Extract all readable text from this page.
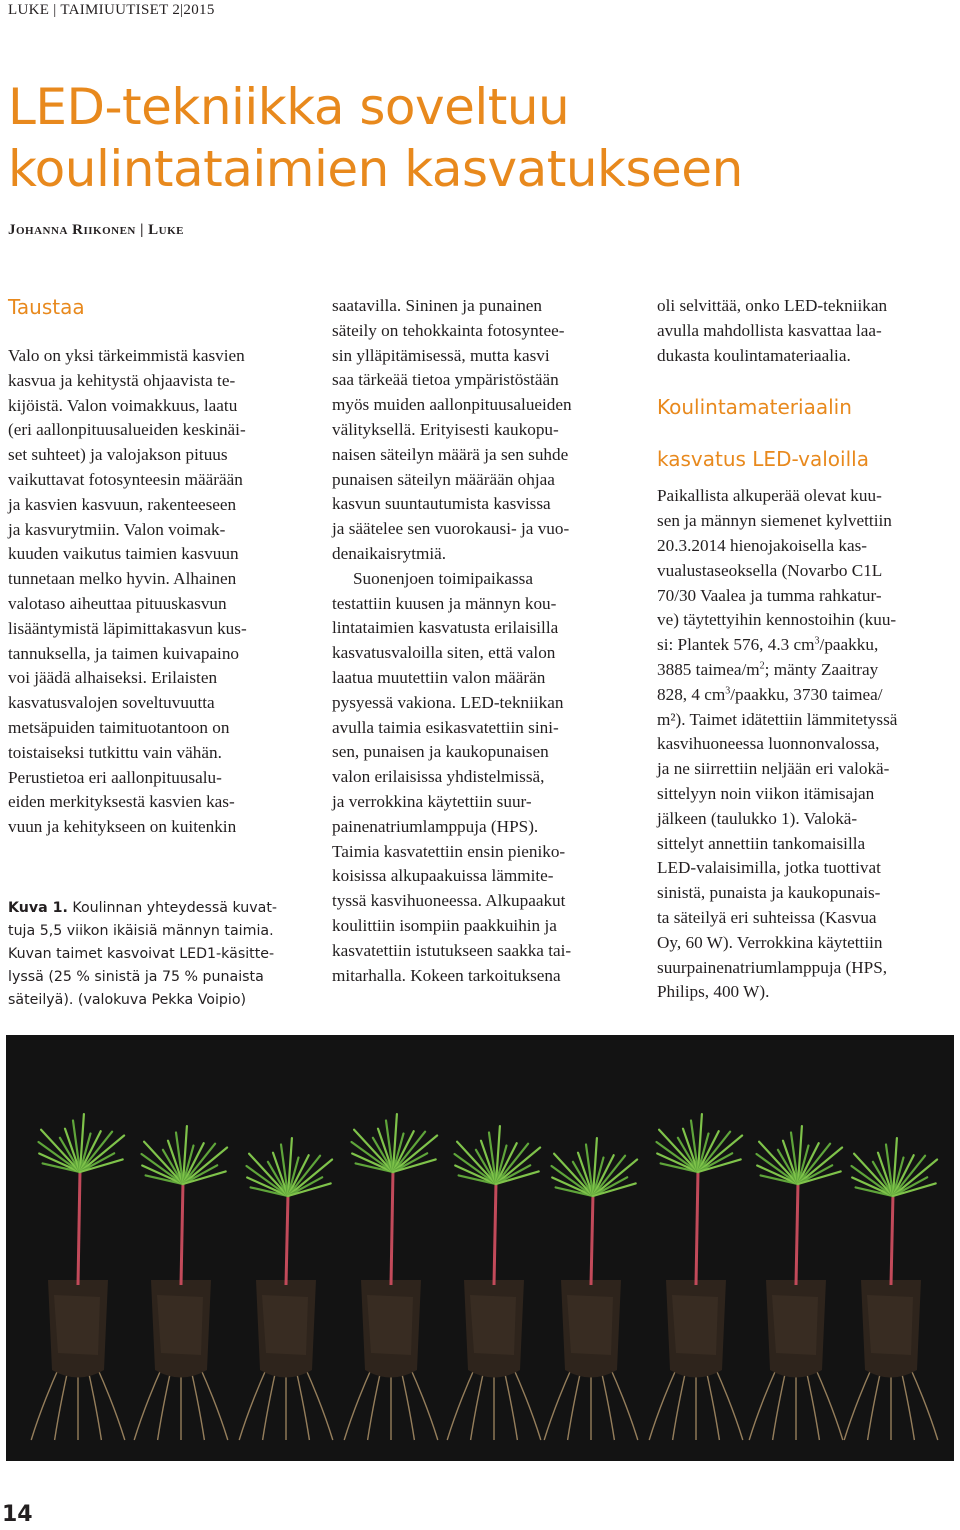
LUKE | TAIMIUUTISET 2|2015
LED-tekniikka soveltuu
koulintataimien kasvatukseen
Johanna Riikonen | Luke

Taustaa

Valo on yksi tärkeimmistä kasvien

kasvua ja kehitystä ohjaavista te-

kijöistä. Valon voimakkuus, laatu

(eri aallonpituusalueiden keskinäi-

set suhteet) ja valojakson pituus

vaikuttavat fotosynteesin määrään

ja kasvien kasvuun, rakenteeseen

ja kasvurytmiin. Valon voimak-

kuuden vaikutus taimien kasvuun

tunnetaan melko hyvin. Alhainen

valotaso aiheuttaa pituuskasvun

lisääntymistä läpimittakasvun kus-

tannuksella, ja taimen kuivapaino

voi jäädä alhaiseksi. Erilaisten

kasvatusvalojen soveltuvuutta

metsäpuiden taimituotantoon on

toistaiseksi tutkittu vain vähän.

Perustietoa eri aallonpituusalu-

eiden merkityksestä kasvien kas-

vuun ja kehitykseen on kuitenkin

Kuva 1. Koulinnan yhteydessä kuvat-
tuja 5,5 viikon ikäisiä männyn taimia.
Kuvan taimet kasvoivat LED1-käsitte-
lyssä (25 % sinistä ja 75 % punaista
säteilyä). (valokuva Pekka Voipio)

saatavilla. Sininen ja punainen

säteily on tehokkainta fotosyntee-

sin ylläpitämisessä, mutta kasvi

saa tärkeää tietoa ympäristöstään

myös muiden aallonpituusalueiden

välityksellä. Erityisesti kaukopu-

naisen säteilyn määrä ja sen suhde

punaisen säteilyn määrään ohjaa

kasvun suuntautumista kasvissa

ja säätelee sen vuorokausi- ja vuo-

denaikaisrytmiä.

Suonenjoen toimipaikassa

testattiin kuusen ja männyn kou-

lintataimien kasvatusta erilaisilla

kasvatusvaloilla siten, että valon

laatua muutettiin valon määrän

pysyessä vakiona. LED-tekniikan

avulla taimia esikasvatettiin sini-

sen, punaisen ja kaukopunaisen

valon erilaisissa yhdistelmissä,

ja verrokkina käytettiin suur-

painenatriumlamppuja (HPS).

Taimia kasvatettiin ensin pieniko-

koisissa alkupaakuissa lämmite-

tyssä kasvihuoneessa. Alkupaakut

koulittiin isompiin paakkuihin ja

kasvatettiin istutukseen saakka tai-

mitarhalla. Kokeen tarkoituksena

oli selvittää, onko LED-tekniikan

avulla mahdollista kasvattaa laa-

dukasta koulintamateriaalia.

Koulintamateriaalin

kasvatus LED-valoilla

Paikallista alkuperää olevat kuu-

sen ja männyn siemenet kylvettiin

20.3.2014 hienojakoisella kas-

vualustaseoksella (Novarbo C1L

70/30 Vaalea ja tumma rahkatur-

ve) täytettyihin kennostoihin (kuu-

si: Plantek 576, 4.3 $cm^3$/paakku,

3885 taimea/$m^2$; mänty Zaaitray

828, 4 $cm^3$/paakku, 3730 taimea/

m²). Taimet idätettiin lämmitetyssä

kasvihuoneessa luonnonvalossa,

ja ne siirrettiin neljään eri valokä-

sittelyyn noin viikon itämisajan

jälkeen (taulukko 1). Valokä-

sittelyt annettiin tankomaisilla

LED-valaisimilla, jotka tuottivat

sinistä, punaista ja kaukopunais-

ta säteilyä eri suhteissa (Kasvua

Oy, 60 W). Verrokkina käytettiin

suurpainenatriumlamppuja (HPS,

Philips, 400 W).

14
